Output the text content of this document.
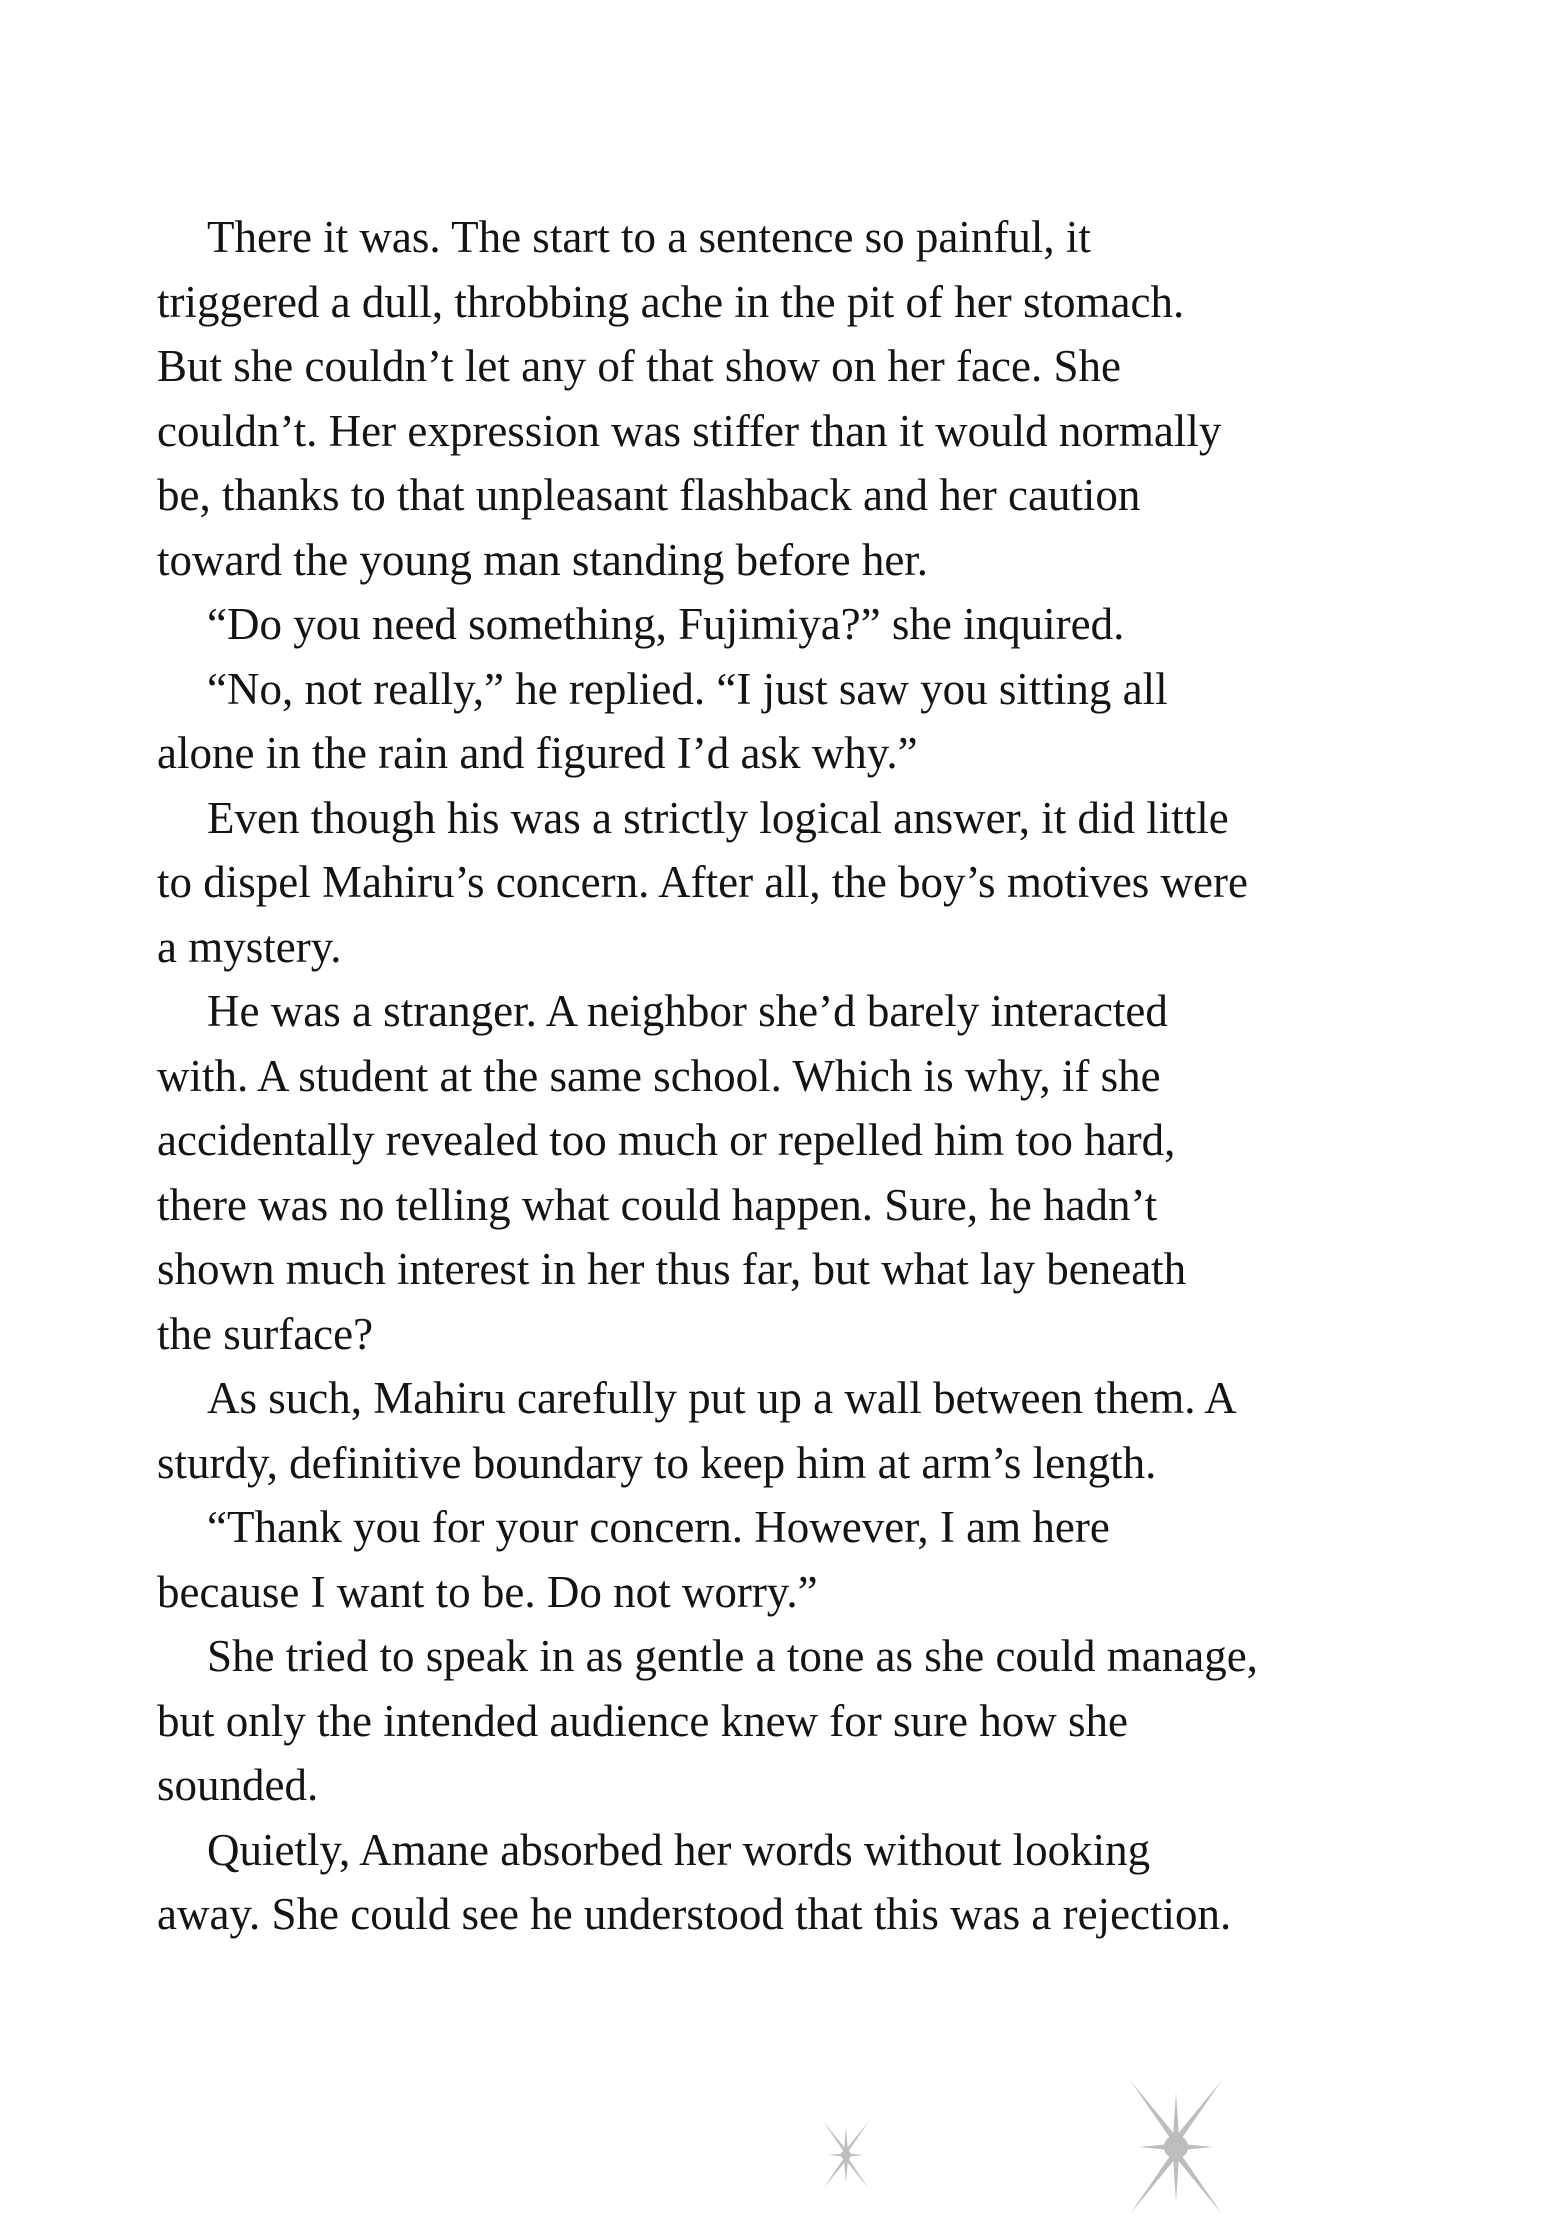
There it was. The start to a sentence so painful, it
triggered a dull, throbbing ache in the pit of her stomach.
But she couldn’t let any of that show on her face. She
couldn’t. Her expression was stiffer than it would normally
be, thanks to that unpleasant flashback and her caution
toward the young man standing before her.
“Do you need something, Fujimiya?” she inquired.
“No, not really,” he replied. “I just saw you sitting all
alone in the rain and figured I’d ask why.”
Even though his was a strictly logical answer, it did little
to dispel Mahiru’s concern. After all, the boy’s motives were
a mystery.
He was a stranger. A neighbor she’d barely interacted
with. A student at the same school. Which is why, if she
accidentally revealed too much or repelled him too hard,
there was no telling what could happen. Sure, he hadn’t
shown much interest in her thus far, but what lay beneath
the surface?
As such, Mahiru carefully put up a wall between them. A
sturdy, definitive boundary to keep him at arm’s length.
“Thank you for your concern. However, I am here
because I want to be. Do not worry.”
She tried to speak in as gentle a tone as she could manage,
but only the intended audience knew for sure how she
sounded.
Quietly, Amane absorbed her words without looking
away. She could see he understood that this was a rejection.
